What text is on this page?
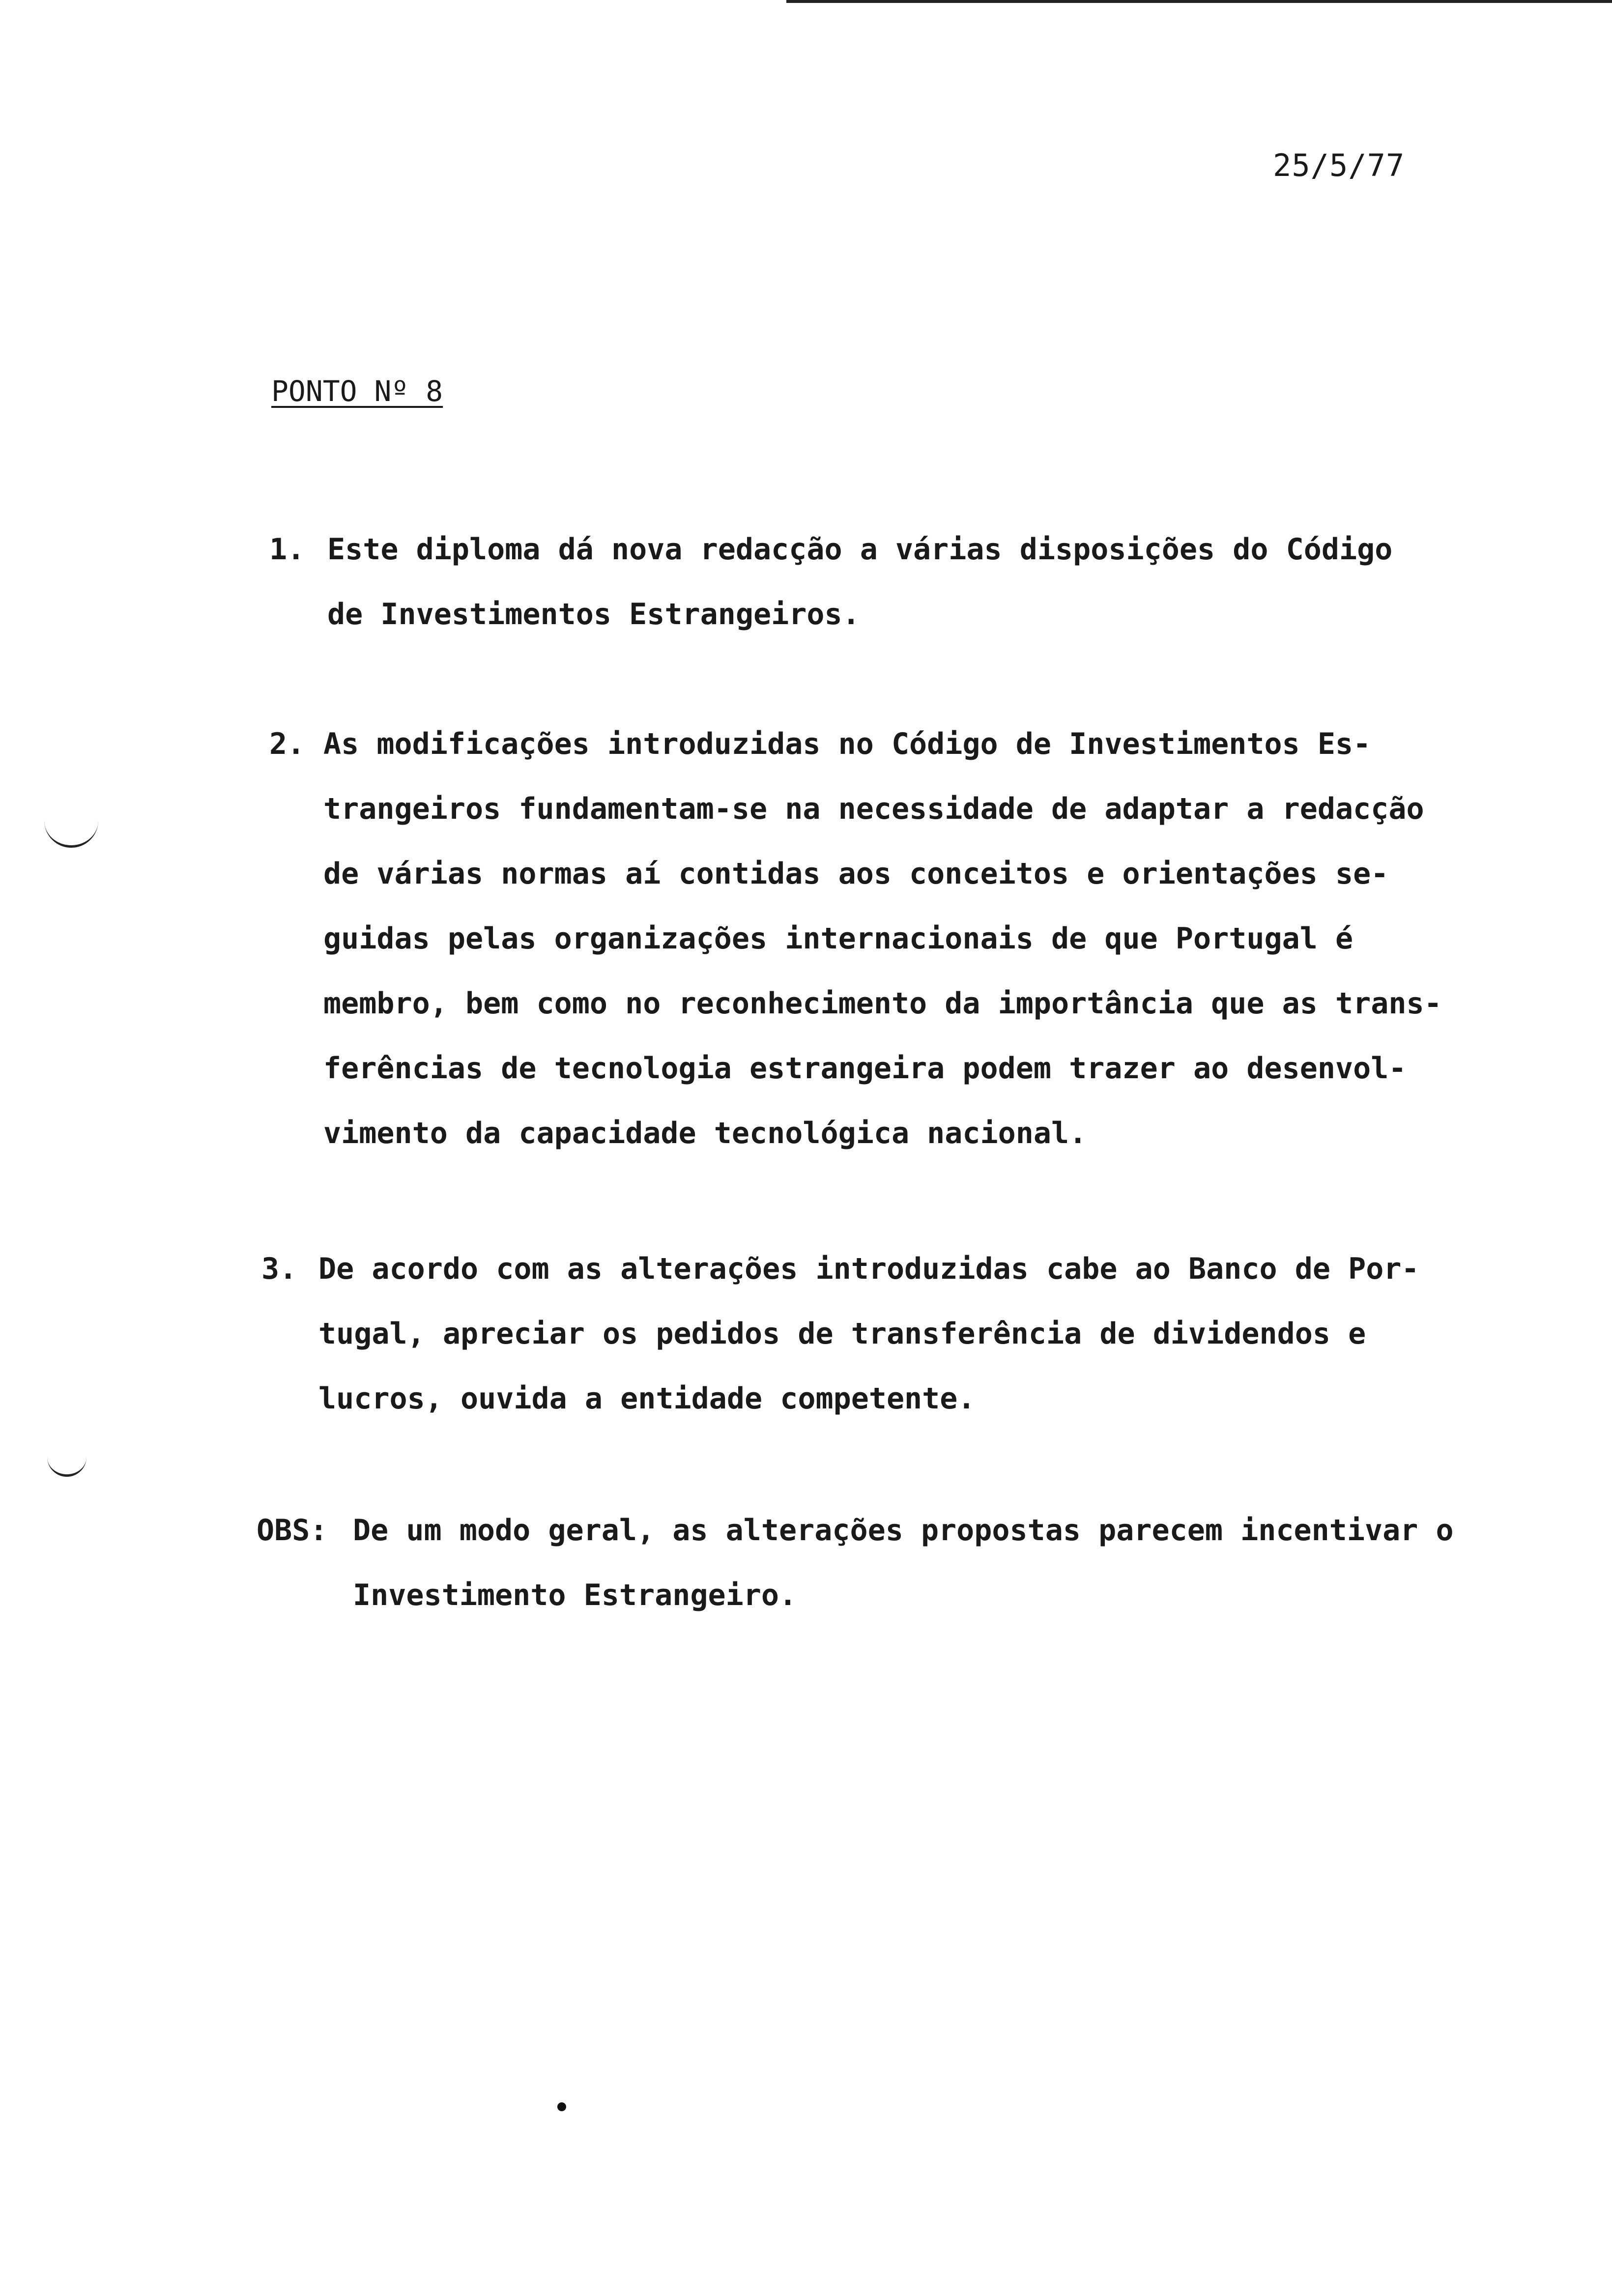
25/5/77
PONTO Nº 8
1. Este diploma dá nova redacção a várias disposições do Código
de Investimentos Estrangeiros.
2. As modificações introduzidas no Código de Investimentos Es-
trangeiros fundamentam-se na necessidade de adaptar a redacção
de várias normas aí contidas aos conceitos e orientações se-
guidas pelas organizações internacionais de que Portugal é
membro, bem como no reconhecimento da importância que as trans-
ferências de tecnologia estrangeira podem trazer ao desenvol-
vimento da capacidade tecnológica nacional.
3. De acordo com as alterações introduzidas cabe ao Banco de Por-
tugal, apreciar os pedidos de transferência de dividendos e
lucros, ouvida a entidade competente.
OBS: De um modo geral, as alterações propostas parecem incentivar o
Investimento Estrangeiro.
